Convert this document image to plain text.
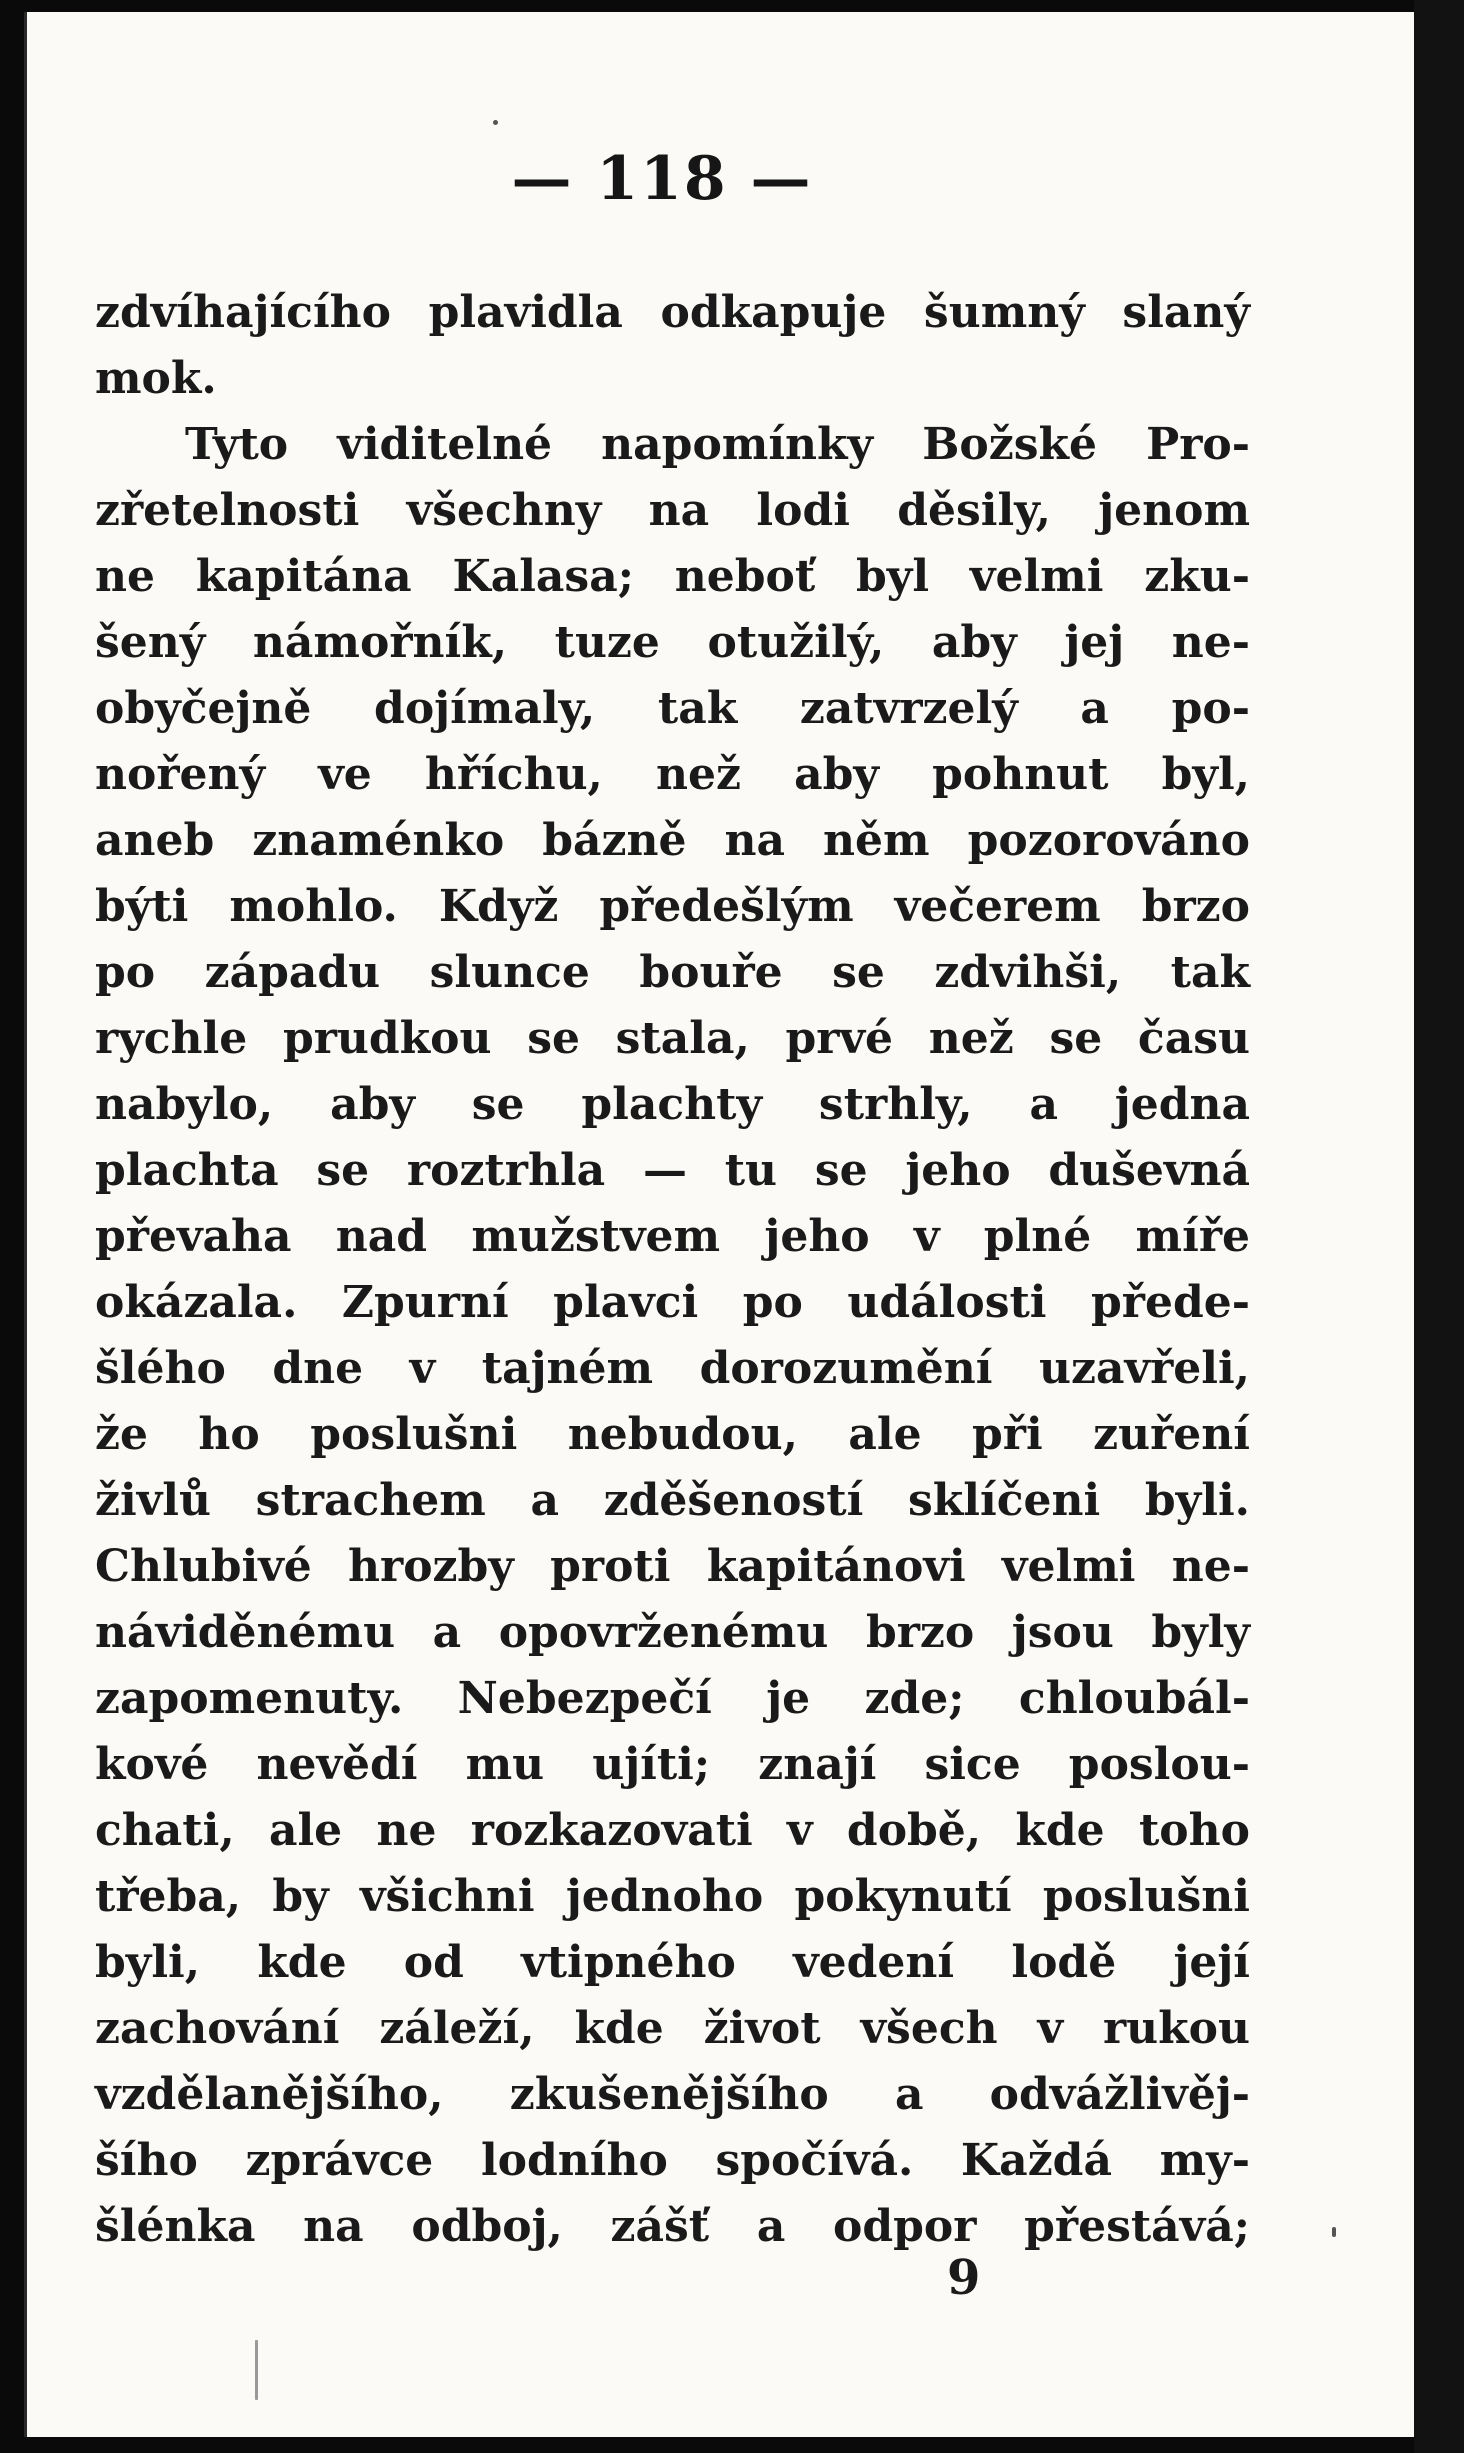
— 118 —
zdvíhajícího plavidla odkapuje šumný slaný
mok.
Tyto viditelné napomínky Božské Pro-
zřetelnosti všechny na lodi děsily, jenom
ne kapitána Kalasa; neboť byl velmi zku-
šený námořník, tuze otužilý, aby jej ne-
obyčejně dojímaly, tak zatvrzelý a po-
nořený ve hříchu, než aby pohnut byl,
aneb znaménko bázně na něm pozorováno
býti mohlo. Když předešlým večerem brzo
po západu slunce bouře se zdvihši, tak
rychle prudkou se stala, prvé než se času
nabylo, aby se plachty strhly, a jedna
plachta se roztrhla — tu se jeho duševná
převaha nad mužstvem jeho v plné míře
okázala. Zpurní plavci po události přede-
šlého dne v tajném dorozumění uzavřeli,
že ho poslušni nebudou, ale při zuření
živlů strachem a zděšeností sklíčeni byli.
Chlubivé hrozby proti kapitánovi velmi ne-
náviděnému a opovrženému brzo jsou byly
zapomenuty. Nebezpečí je zde; chloubál-
kové nevědí mu ujíti; znají sice poslou-
chati, ale ne rozkazovati v době, kde toho
třeba, by všichni jednoho pokynutí poslušni
byli, kde od vtipného vedení lodě její
zachování záleží, kde život všech v rukou
vzdělanějšího, zkušenějšího a odvážlivěj-
šího zprávce lodního spočívá. Každá my-
šlénka na odboj, zášť a odpor přestává;
9
